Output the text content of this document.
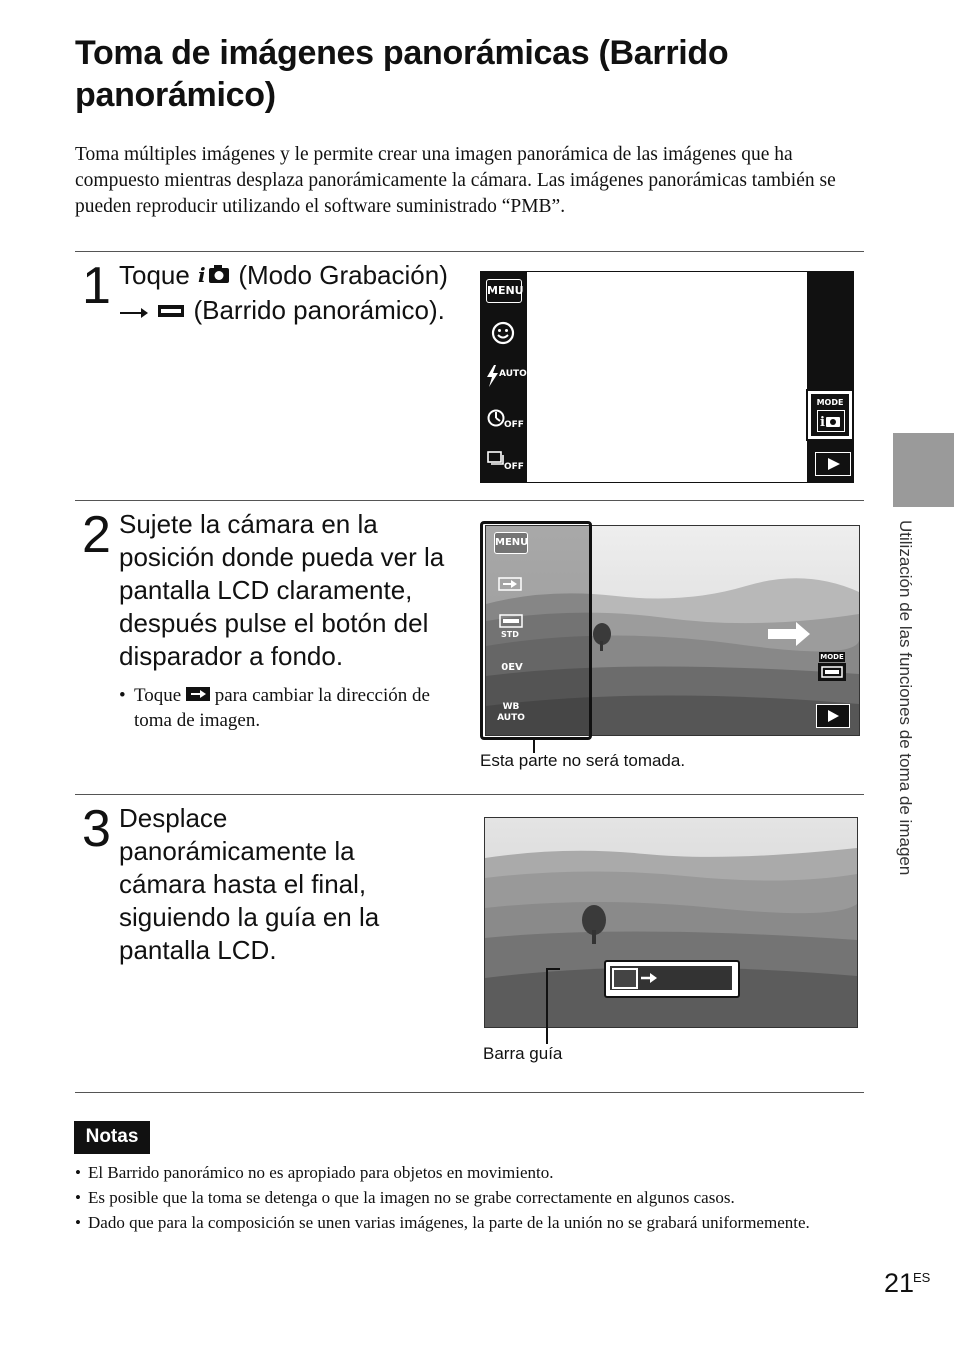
Toma de imágenes panorámicas (Barrido panorámico)
Toma múltiples imágenes y le permite crear una imagen panorámica de las imágenes que ha compuesto mientras desplaza panorámicamente la cámara. Las imágenes panorámicas también se pueden reproducir utilizando el software suministrado “PMB”.
1 Toque i (Modo Grabación)   (Barrido panorámico).
MENU
AUTO
OFF
OFF
MODE
i
2 Sujete la cámara en la posición donde pueda ver la pantalla LCD claramente, después pulse el botón del disparador a fondo.
• Toque para cambiar la dirección de toma de imagen.
MENU
STD
0EV
WB
AUTO
MODE
Esta parte no será tomada.
3 Desplace panorámicamente la cámara hasta el final, siguiendo la guía en la pantalla LCD.
Barra guía
Notas
• El Barrido panorámico no es apropiado para objetos en movimiento.
• Es posible que la toma se detenga o que la imagen no se grabe correctamente en algunos casos.
• Dado que para la composición se unen varias imágenes, la parte de la unión no se grabará uniformemente.
Utilización de las funciones de toma de imagen
21
ES
